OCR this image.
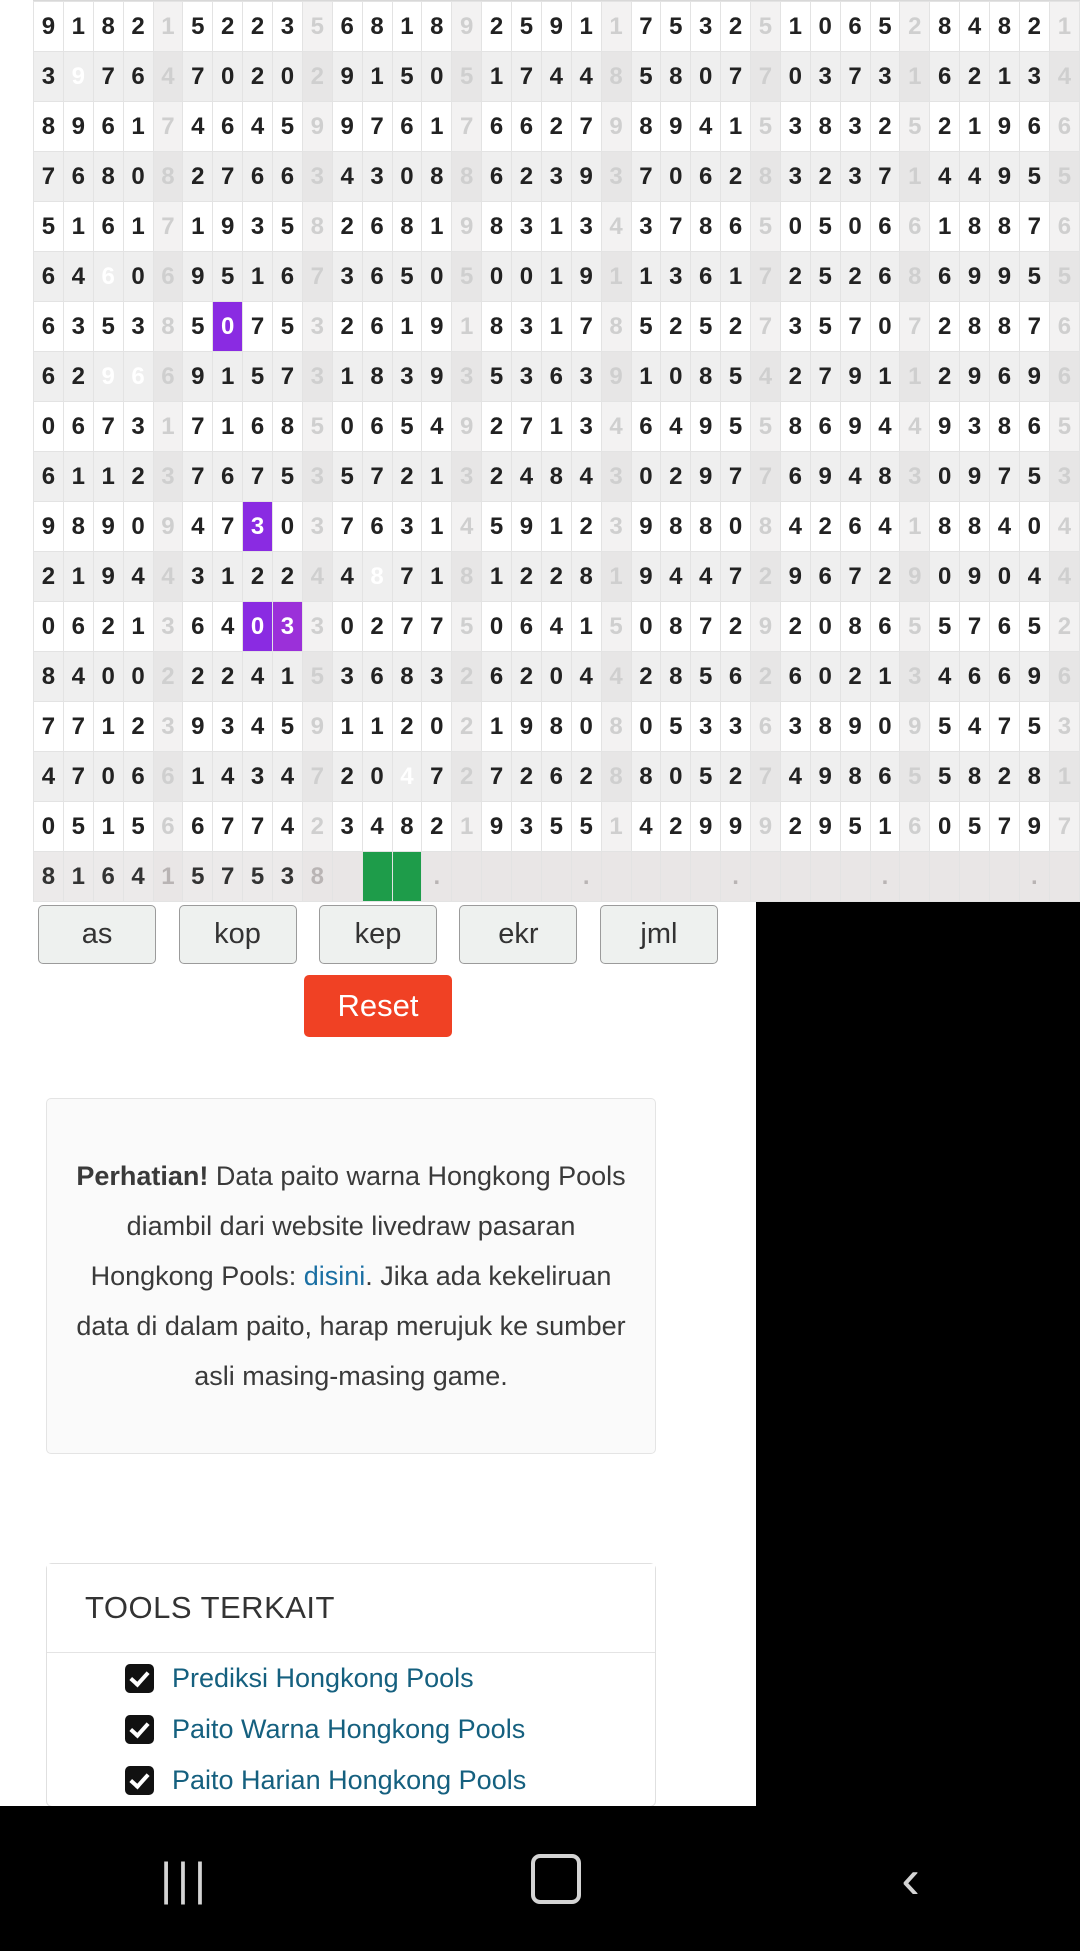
9	1	8	2	1	5	2	2	3	5	6	8	1	8	9	2	5	9	1	1	7	5	3	2	5	1	0	6	5	2	8	4	8	2	1
3	9	7	6	4	7	0	2	0	2	9	1	5	0	5	1	7	4	4	8	5	8	0	7	7	0	3	7	3	1	6	2	1	3	4
8	9	6	1	7	4	6	4	5	9	9	7	6	1	7	6	6	2	7	9	8	9	4	1	5	3	8	3	2	5	2	1	9	6	6
7	6	8	0	8	2	7	6	6	3	4	3	0	8	8	6	2	3	9	3	7	0	6	2	8	3	2	3	7	1	4	4	9	5	5
5	1	6	1	7	1	9	3	5	8	2	6	8	1	9	8	3	1	3	4	3	7	8	6	5	0	5	0	6	6	1	8	8	7	6
6	4	6	0	6	9	5	1	6	7	3	6	5	0	5	0	0	1	9	1	1	3	6	1	7	2	5	2	6	8	6	9	9	5	5
6	3	5	3	8	5	0	7	5	3	2	6	1	9	1	8	3	1	7	8	5	2	5	2	7	3	5	7	0	7	2	8	8	7	6
6	2	9	6	6	9	1	5	7	3	1	8	3	9	3	5	3	6	3	9	1	0	8	5	4	2	7	9	1	1	2	9	6	9	6
0	6	7	3	1	7	1	6	8	5	0	6	5	4	9	2	7	1	3	4	6	4	9	5	5	8	6	9	4	4	9	3	8	6	5
6	1	1	2	3	7	6	7	5	3	5	7	2	1	3	2	4	8	4	3	0	2	9	7	7	6	9	4	8	3	0	9	7	5	3
9	8	9	0	9	4	7	3	0	3	7	6	3	1	4	5	9	1	2	3	9	8	8	0	8	4	2	6	4	1	8	8	4	0	4
2	1	9	4	4	3	1	2	2	4	4	8	7	1	8	1	2	2	8	1	9	4	4	7	2	9	6	7	2	9	0	9	0	4	4
0	6	2	1	3	6	4	0	3	3	0	2	7	7	5	0	6	4	1	5	0	8	7	2	9	2	0	8	6	5	5	7	6	5	2
8	4	0	0	2	2	2	4	1	5	3	6	8	3	2	6	2	0	4	4	2	8	5	6	2	6	0	2	1	3	4	6	6	9	6
7	7	1	2	3	9	3	4	5	9	1	1	2	0	2	1	9	8	0	8	0	5	3	3	6	3	8	9	0	9	5	4	7	5	3
4	7	0	6	6	1	4	3	4	7	2	0	4	7	2	7	2	6	2	8	8	0	5	2	7	4	9	8	6	5	5	8	2	8	1
0	5	1	5	6	6	7	7	4	2	3	4	8	2	1	9	3	5	5	1	4	2	9	9	9	2	9	5	1	6	0	5	7	9	7
8	1	6	4	1	5	7	5	3	8				.					.					.					.					.	
as	kop	kep	ekr	jml
Reset
Perhatian! Data paito warna Hongkong Pools diambil dari website livedraw pasaran Hongkong Pools: disini. Jika ada kekeliruan data di dalam paito, harap merujuk ke sumber asli masing-masing game.
TOOLS TERKAIT
Prediksi Hongkong Pools
Paito Warna Hongkong Pools
Paito Harian Hongkong Pools
|||	‹
